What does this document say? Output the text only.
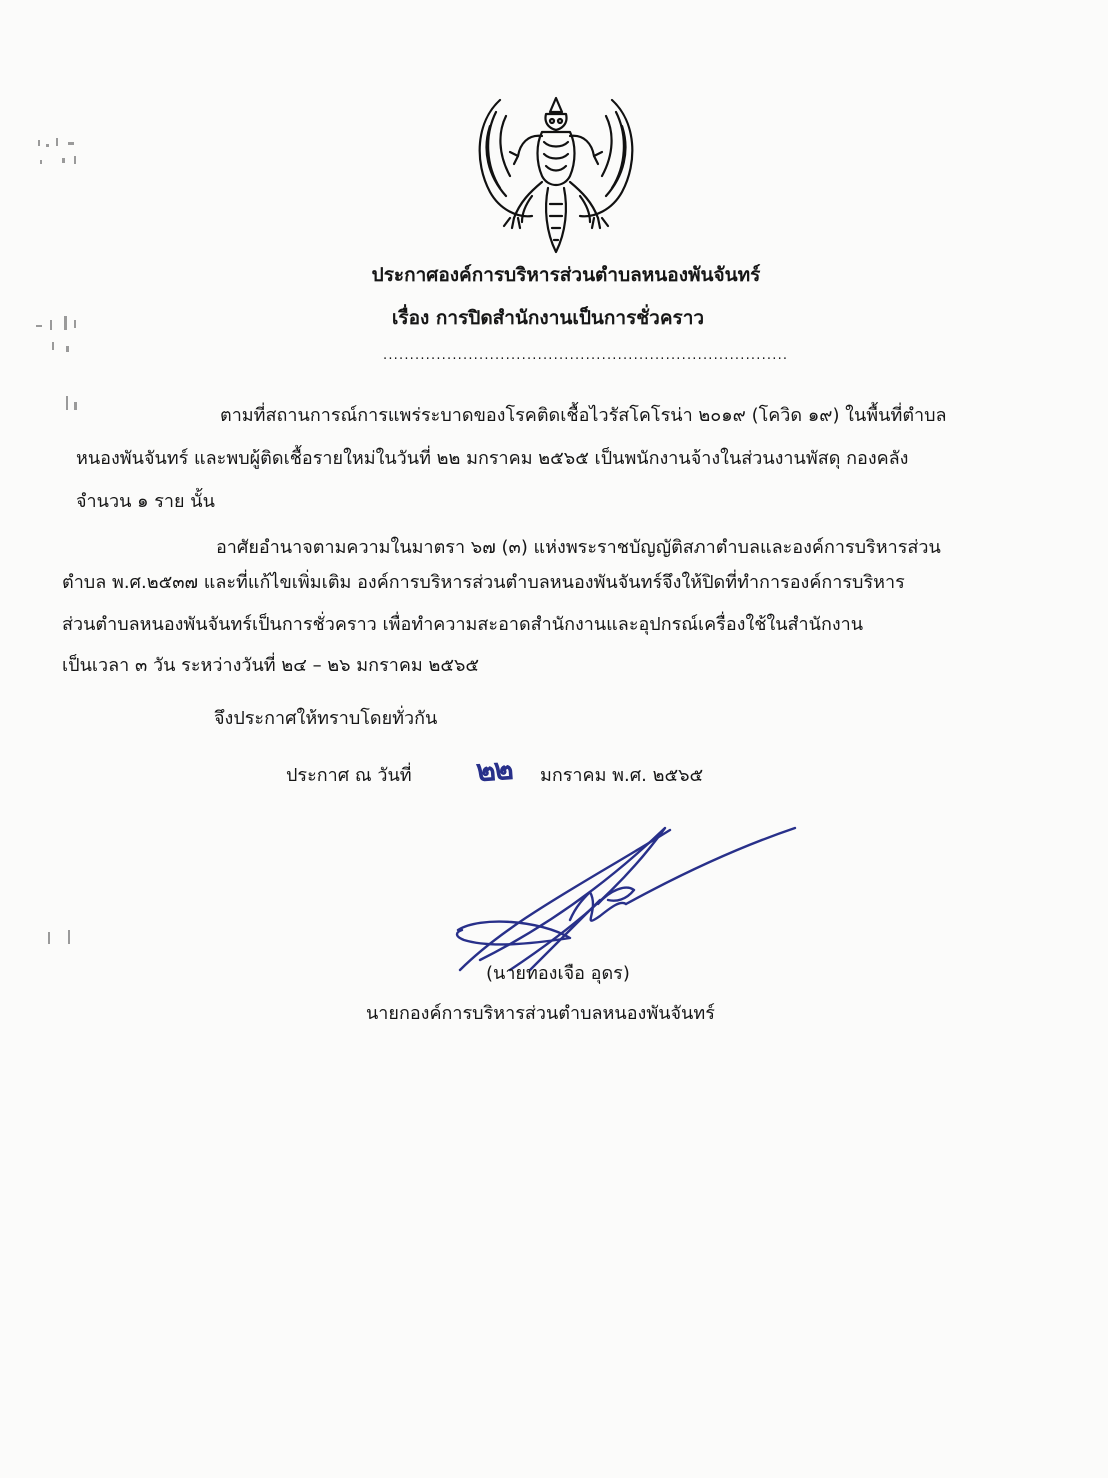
ประกาศองค์การบริหารส่วนตำบลหนองพันจันทร์
เรื่อง การปิดสำนักงานเป็นการชั่วคราว
............................................................................
ตามที่สถานการณ์การแพร่ระบาดของโรคติดเชื้อไวรัสโคโรน่า ๒๐๑๙ (โควิด ๑๙) ในพื้นที่ตำบล
หนองพันจันทร์ และพบผู้ติดเชื้อรายใหม่ในวันที่ ๒๒ มกราคม ๒๕๖๕ เป็นพนักงานจ้างในส่วนงานพัสดุ กองคลัง
จำนวน ๑ ราย นั้น
อาศัยอำนาจตามความในมาตรา ๖๗ (๓) แห่งพระราชบัญญัติสภาตำบลและองค์การบริหารส่วน
ตำบล พ.ศ.๒๕๓๗ และที่แก้ไขเพิ่มเติม องค์การบริหารส่วนตำบลหนองพันจันทร์จึงให้ปิดที่ทำการองค์การบริหาร
ส่วนตำบลหนองพันจันทร์เป็นการชั่วคราว เพื่อทำความสะอาดสำนักงานและอุปกรณ์เครื่องใช้ในสำนักงาน
เป็นเวลา ๓ วัน ระหว่างวันที่ ๒๔ – ๒๖ มกราคม ๒๕๖๕
จึงประกาศให้ทราบโดยทั่วกัน
ประกาศ ณ วันที่ ๒๒ มกราคม พ.ศ. ๒๕๖๕
(นายทองเจือ อุดร)
นายกองค์การบริหารส่วนตำบลหนองพันจันทร์
